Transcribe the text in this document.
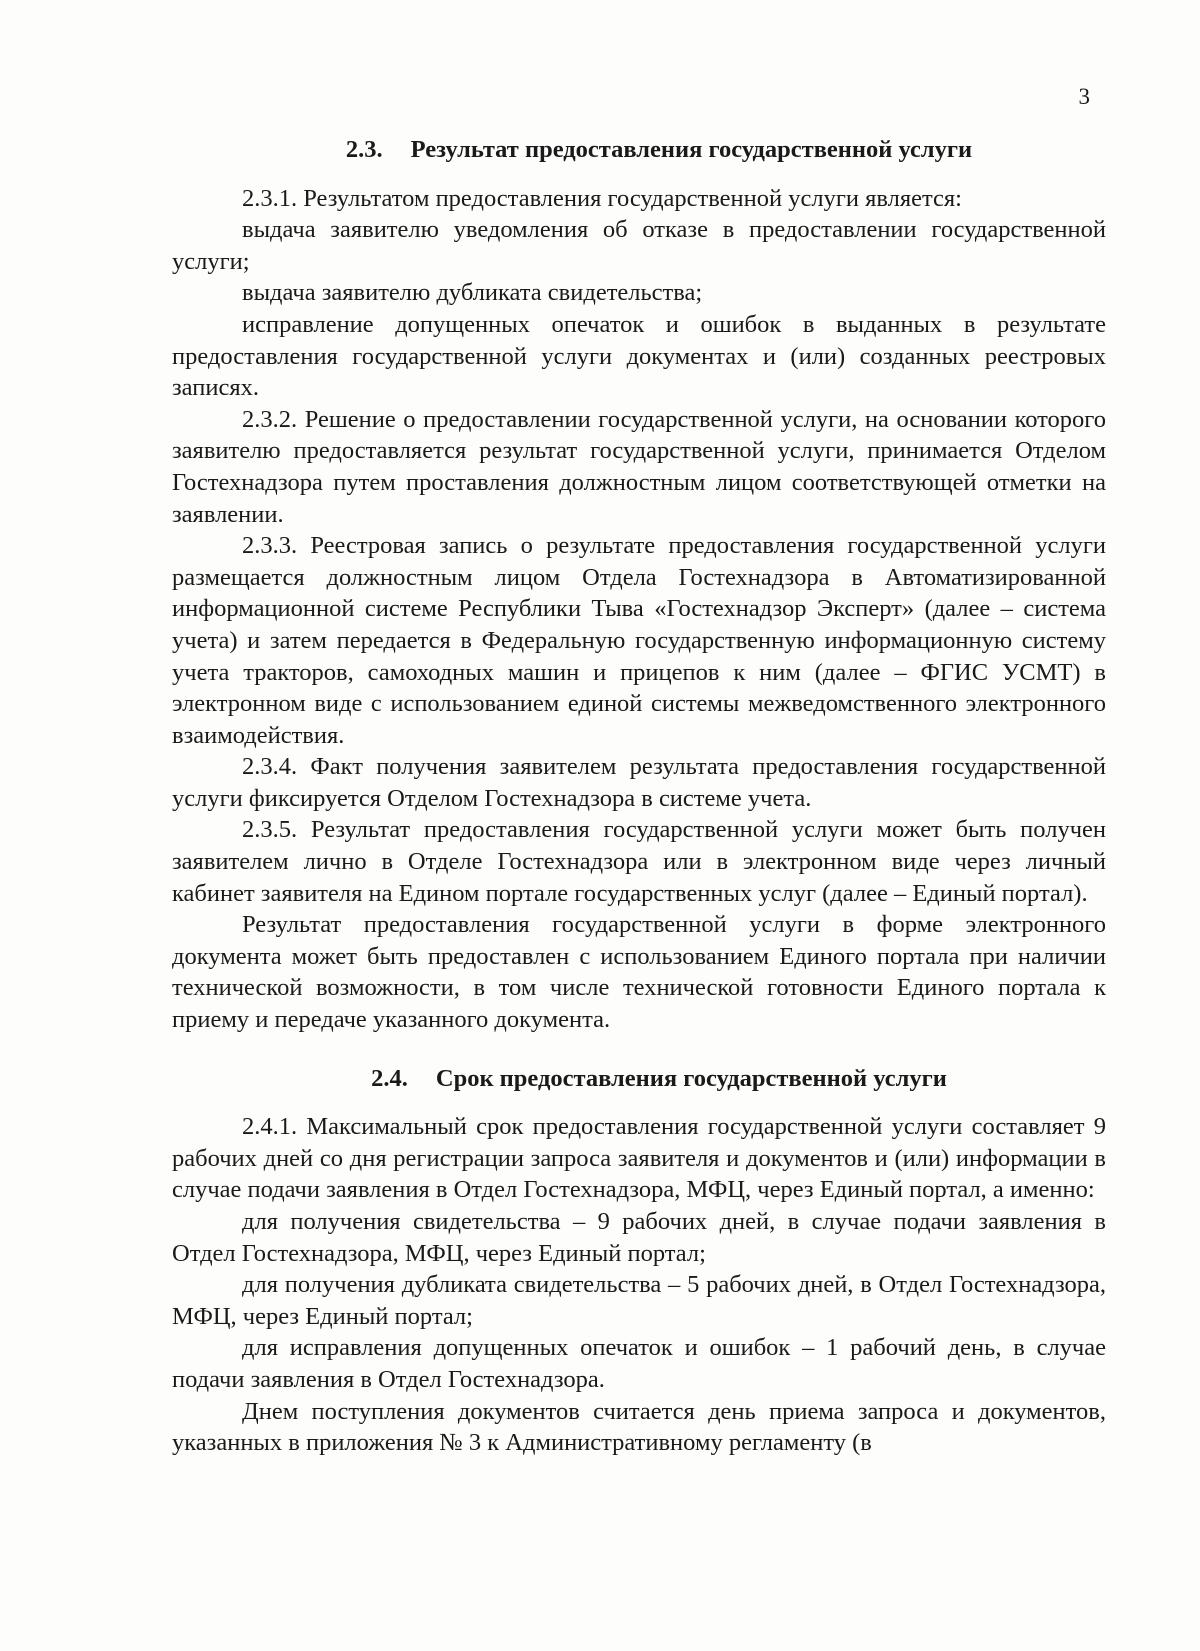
3
2.3. Результат предоставления государственной услуги

2.3.1. Результатом предоставления государственной услуги является:

выдача заявителю уведомления об отказе в предоставлении государственной услуги;

выдача заявителю дубликата свидетельства;

исправление допущенных опечаток и ошибок в выданных в результате предоставления государственной услуги документах и (или) созданных реестровых записях.

2.3.2. Решение о предоставлении государственной услуги, на основании которого заявителю предоставляется результат государственной услуги, принимается Отделом Гостехнадзора путем проставления должностным лицом соответствующей отметки на заявлении.

2.3.3. Реестровая запись о результате предоставления государственной услуги размещается должностным лицом Отдела Гостехнадзора в Автоматизированной информационной системе Республики Тыва «Гостехнадзор Эксперт» (далее – система учета) и затем передается в Федеральную государственную информационную систему учета тракторов, самоходных машин и прицепов к ним (далее – ФГИС УСМТ) в электронном виде с использованием единой системы межведомственного электронного взаимодействия.

2.3.4. Факт получения заявителем результата предоставления государственной услуги фиксируется Отделом Гостехнадзора в системе учета.

2.3.5. Результат предоставления государственной услуги может быть получен заявителем лично в Отделе Гостехнадзора или в электронном виде через личный кабинет заявителя на Едином портале государственных услуг (далее – Единый портал).

Результат предоставления государственной услуги в форме электронного документа может быть предоставлен с использованием Единого портала при наличии технической возможности, в том числе технической готовности Единого портала к приему и передаче указанного документа.

2.4. Срок предоставления государственной услуги

2.4.1. Максимальный срок предоставления государственной услуги составляет 9 рабочих дней со дня регистрации запроса заявителя и документов и (или) информации в случае подачи заявления в Отдел Гостехнадзора, МФЦ, через Единый портал, а именно:

для получения свидетельства – 9 рабочих дней, в случае подачи заявления в Отдел Гостехнадзора, МФЦ, через Единый портал;

для получения дубликата свидетельства – 5 рабочих дней, в Отдел Гостехнадзора, МФЦ, через Единый портал;

для исправления допущенных опечаток и ошибок – 1 рабочий день, в случае подачи заявления в Отдел Гостехнадзора.

Днем поступления документов считается день приема запроса и документов, указанных в приложения № 3 к Административному регламенту (в
